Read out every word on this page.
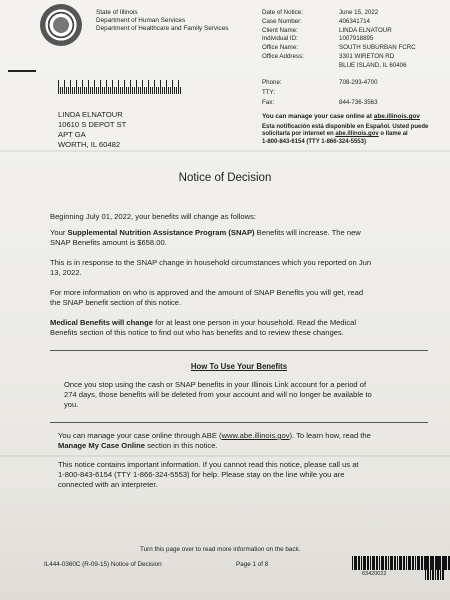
State of Illinois
Department of Human Services
Department of Healthcare and Family Services
Date of Notice:
Case Number:
Client Name:
Individual ID:
Office Name:
Office Address:
June 15, 2022
406341714
LINDA ELNATOUR
1007918895
SOUTH SUBURBAN FCRC
3301 WIRETON RD
BLUE ISLAND, IL 60406
Phone:
TTY:
Fax:
708-293-4700
844-736-3563
LINDA ELNATOUR
10610 S DEPOT ST
APT GA
WORTH, IL 60482
You can manage your case online at abe.illinois.gov
Esta notificación está disponible en Español. Usted puede
solicitarla por internet en abe.illinois.gov o llame al
1-800-843-6154 (TTY 1-866-324-5553)
Notice of Decision
Beginning July 01, 2022, your benefits will change as follows:
Your Supplemental Nutrition Assistance Program (SNAP) Benefits will increase. The new
SNAP Benefits amount is $658.00.
This is in response to the SNAP change in household circumstances which you reported on Jun
13, 2022.
For more information on who is approved and the amount of SNAP Benefits you will get, read
the SNAP benefit section of this notice.
Medical Benefits will change for at least one person in your household. Read the Medical
Benefits section of this notice to find out who has benefits and to review these changes.
How To Use Your Benefits
Once you stop using the cash or SNAP benefits in your Illinois Link account for a period of
274 days, those benefits will be deleted from your account and will no longer be available to
you.
You can manage your case online through ABE (www.abe.illinois.gov). To learn how, read the
Manage My Case Online section in this notice.
This notice contains important information. If you cannot read this notice, please call us at
1-800-843-6154 (TTY 1-866-324-5553) for help. Please stay on the line while you are
connected with an interpreter.
Turn this page over to read more information on the back.
IL444-0360C (R-09-15) Notice of Decision	Page 1 of 8
63420022
